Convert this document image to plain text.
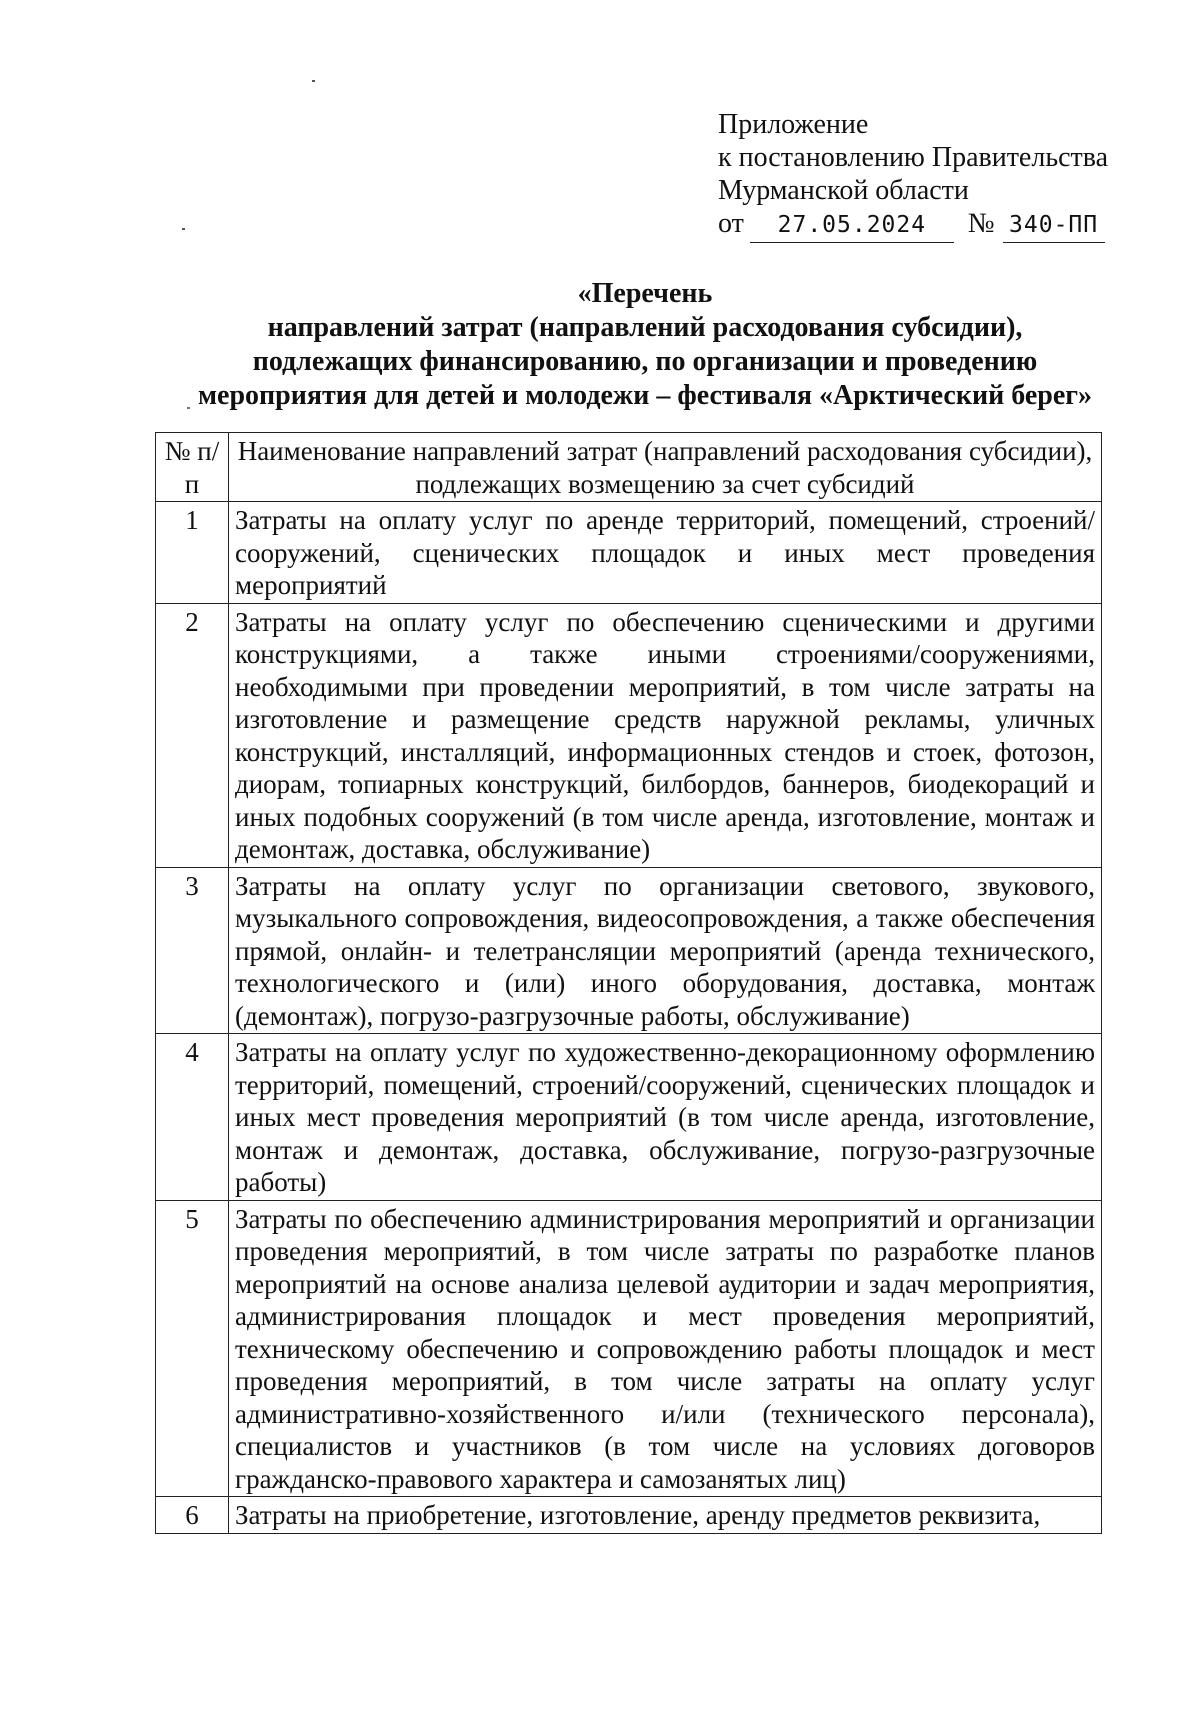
Приложение
к постановлению Правительства
Мурманской области
от 27.05.2024 № 340-ПП
«Перечень
направлений затрат (направлений расходования субсидии),
подлежащих финансированию, по организации и проведению
мероприятия для детей и молодежи – фестиваля «Арктический берег»
№ п/п	Наименование направлений затрат (направлений расходования субсидии), подлежащих возмещению за счет субсидий
1	Затраты на оплату услуг по аренде территорий, помещений, строений/сооружений, сценических площадок и иных мест проведения мероприятий
2	Затраты на оплату услуг по обеспечению сценическими и другими конструкциями, а также иными строениями/сооружениями, необходимыми при проведении мероприятий, в том числе затраты на изготовление и размещение средств наружной рекламы, уличных конструкций, инсталляций, информационных стендов и стоек, фотозон, диорам, топиарных конструкций, билбордов, баннеров, биодекораций и иных подобных сооружений (в том числе аренда, изготовление, монтаж и демонтаж, доставка, обслуживание)
3	Затраты на оплату услуг по организации светового, звукового, музыкального сопровождения, видеосопровождения, а также обеспечения прямой, онлайн- и телетрансляции мероприятий (аренда технического, технологического и (или) иного оборудования, доставка, монтаж (демонтаж), погрузо-разгрузочные работы, обслуживание)
4	Затраты на оплату услуг по художественно-декорационному оформлению территорий, помещений, строений/сооружений, сценических площадок и иных мест проведения мероприятий (в том числе аренда, изготовление, монтаж и демонтаж, доставка, обслуживание, погрузо-разгрузочные работы)
5	Затраты по обеспечению администрирования мероприятий и организации проведения мероприятий, в том числе затраты по разработке планов мероприятий на основе анализа целевой аудитории и задач мероприятия, администрирования площадок и мест проведения мероприятий, техническому обеспечению и сопровождению работы площадок и мест проведения мероприятий, в том числе затраты на оплату услуг административно-хозяйственного и/или (технического персонала), специалистов и участников (в том числе на условиях договоров гражданско-правового характера и самозанятых лиц)
6	Затраты на приобретение, изготовление, аренду предметов реквизита,
